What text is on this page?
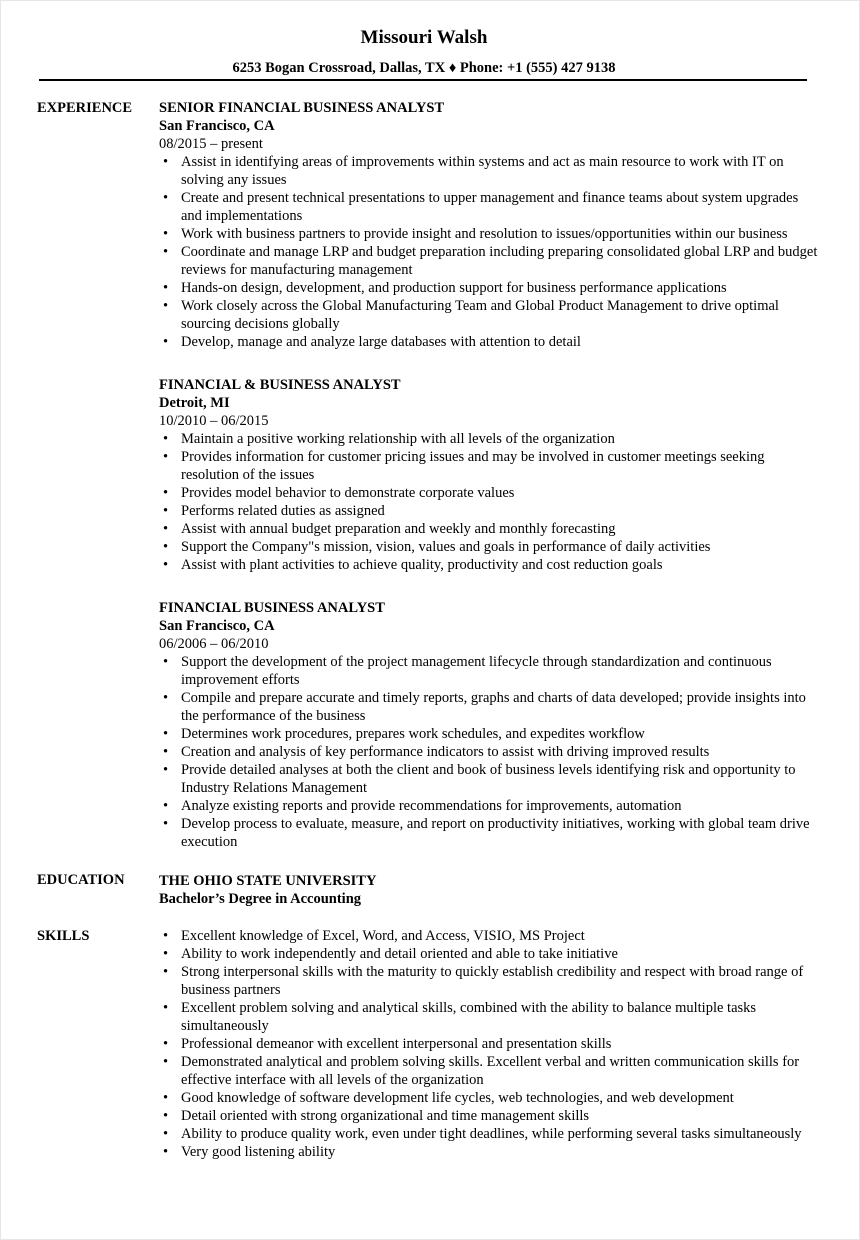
Missouri Walsh
6253 Bogan Crossroad, Dallas, TX ♦ Phone: +1 (555) 427 9138
EXPERIENCE SENIOR FINANCIAL BUSINESS ANALYST
San Francisco, CA
08/2015 – present
• Assist in identifying areas of improvements within systems and act as main resource to work with IT on solving any issues
• Create and present technical presentations to upper management and finance teams about system upgrades and implementations
• Work with business partners to provide insight and resolution to issues/opportunities within our business
• Coordinate and manage LRP and budget preparation including preparing consolidated global LRP and budget reviews for manufacturing management
• Hands-on design, development, and production support for business performance applications
• Work closely across the Global Manufacturing Team and Global Product Management to drive optimal sourcing decisions globally
• Develop, manage and analyze large databases with attention to detail
FINANCIAL & BUSINESS ANALYST
Detroit, MI
10/2010 – 06/2015
• Maintain a positive working relationship with all levels of the organization
• Provides information for customer pricing issues and may be involved in customer meetings seeking resolution of the issues
• Provides model behavior to demonstrate corporate values
• Performs related duties as assigned
• Assist with annual budget preparation and weekly and monthly forecasting
• Support the Company"s mission, vision, values and goals in performance of daily activities
• Assist with plant activities to achieve quality, productivity and cost reduction goals
FINANCIAL BUSINESS ANALYST
San Francisco, CA
06/2006 – 06/2010
• Support the development of the project management lifecycle through standardization and continuous improvement efforts
• Compile and prepare accurate and timely reports, graphs and charts of data developed; provide insights into the performance of the business
• Determines work procedures, prepares work schedules, and expedites workflow
• Creation and analysis of key performance indicators to assist with driving improved results
• Provide detailed analyses at both the client and book of business levels identifying risk and opportunity to Industry Relations Management
• Analyze existing reports and provide recommendations for improvements, automation
• Develop process to evaluate, measure, and report on productivity initiatives, working with global team drive execution
EDUCATION THE OHIO STATE UNIVERSITY
Bachelor’s Degree in Accounting
SKILLS	• Excellent knowledge of Excel, Word, and Access, VISIO, MS Project
• Ability to work independently and detail oriented and able to take initiative
• Strong interpersonal skills with the maturity to quickly establish credibility and respect with broad range of business partners
• Excellent problem solving and analytical skills, combined with the ability to balance multiple tasks simultaneously
• Professional demeanor with excellent interpersonal and presentation skills
• Demonstrated analytical and problem solving skills. Excellent verbal and written communication skills for effective interface with all levels of the organization
• Good knowledge of software development life cycles, web technologies, and web development
• Detail oriented with strong organizational and time management skills
• Ability to produce quality work, even under tight deadlines, while performing several tasks simultaneously
• Very good listening ability
